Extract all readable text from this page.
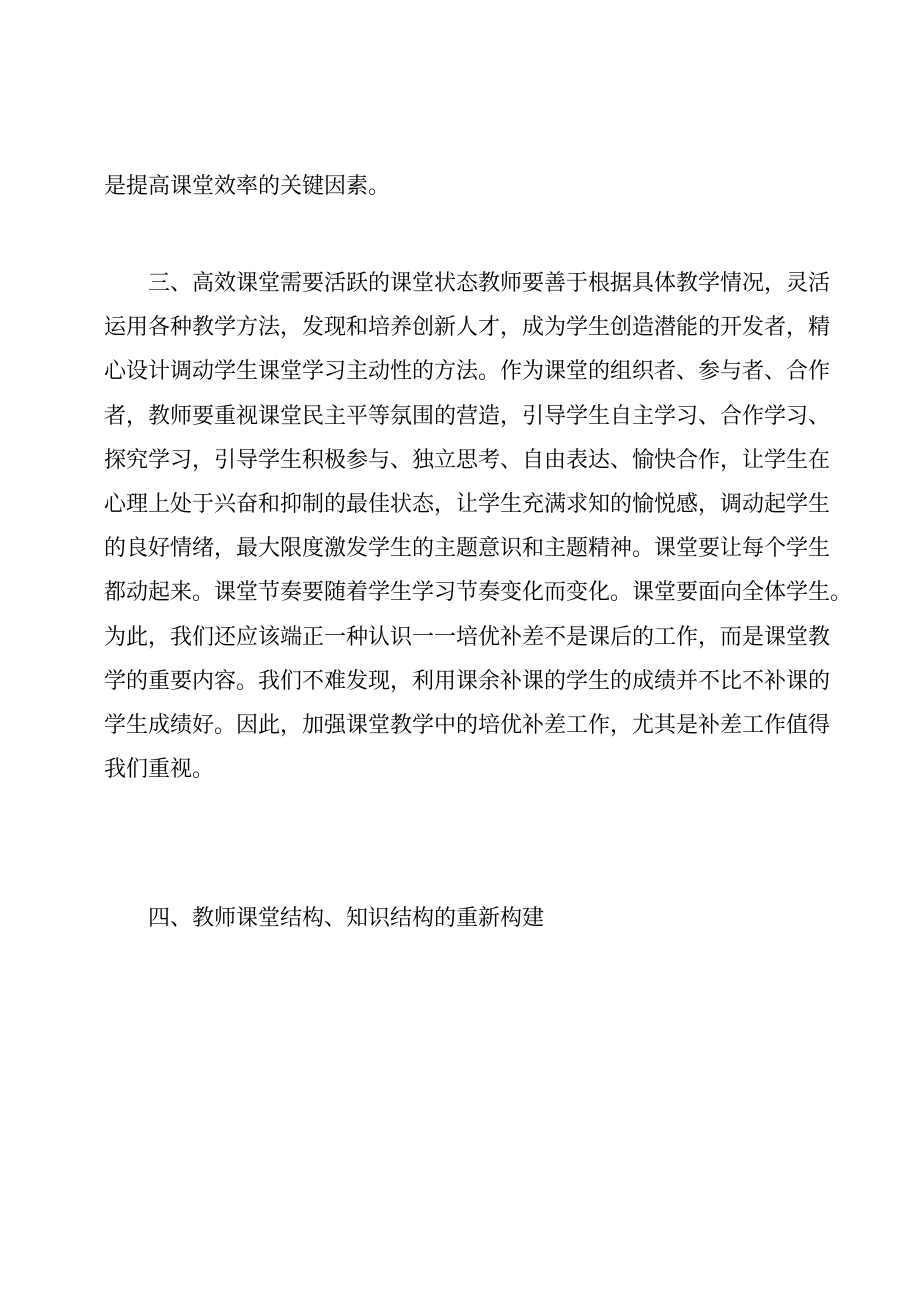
是提高课堂效率的关键因素。

三、高效课堂需要活跃的课堂状态教师要善于根据具体教学情况，灵活
运用各种教学方法，发现和培养创新人才，成为学生创造潜能的开发者，精
心设计调动学生课堂学习主动性的方法。作为课堂的组织者、参与者、合作
者，教师要重视课堂民主平等氛围的营造，引导学生自主学习、合作学习、
探究学习，引导学生积极参与、独立思考、自由表达、愉快合作，让学生在
心理上处于兴奋和抑制的最佳状态，让学生充满求知的愉悦感，调动起学生
的良好情绪，最大限度激发学生的主题意识和主题精神。课堂要让每个学生
都动起来。课堂节奏要随着学生学习节奏变化而变化。课堂要面向全体学生。
为此，我们还应该端正一种认识一一培优补差不是课后的工作，而是课堂教
学的重要内容。我们不难发现，利用课余补课的学生的成绩并不比不补课的
学生成绩好。因此，加强课堂教学中的培优补差工作，尤其是补差工作值得
我们重视。

四、教师课堂结构、知识结构的重新构建
